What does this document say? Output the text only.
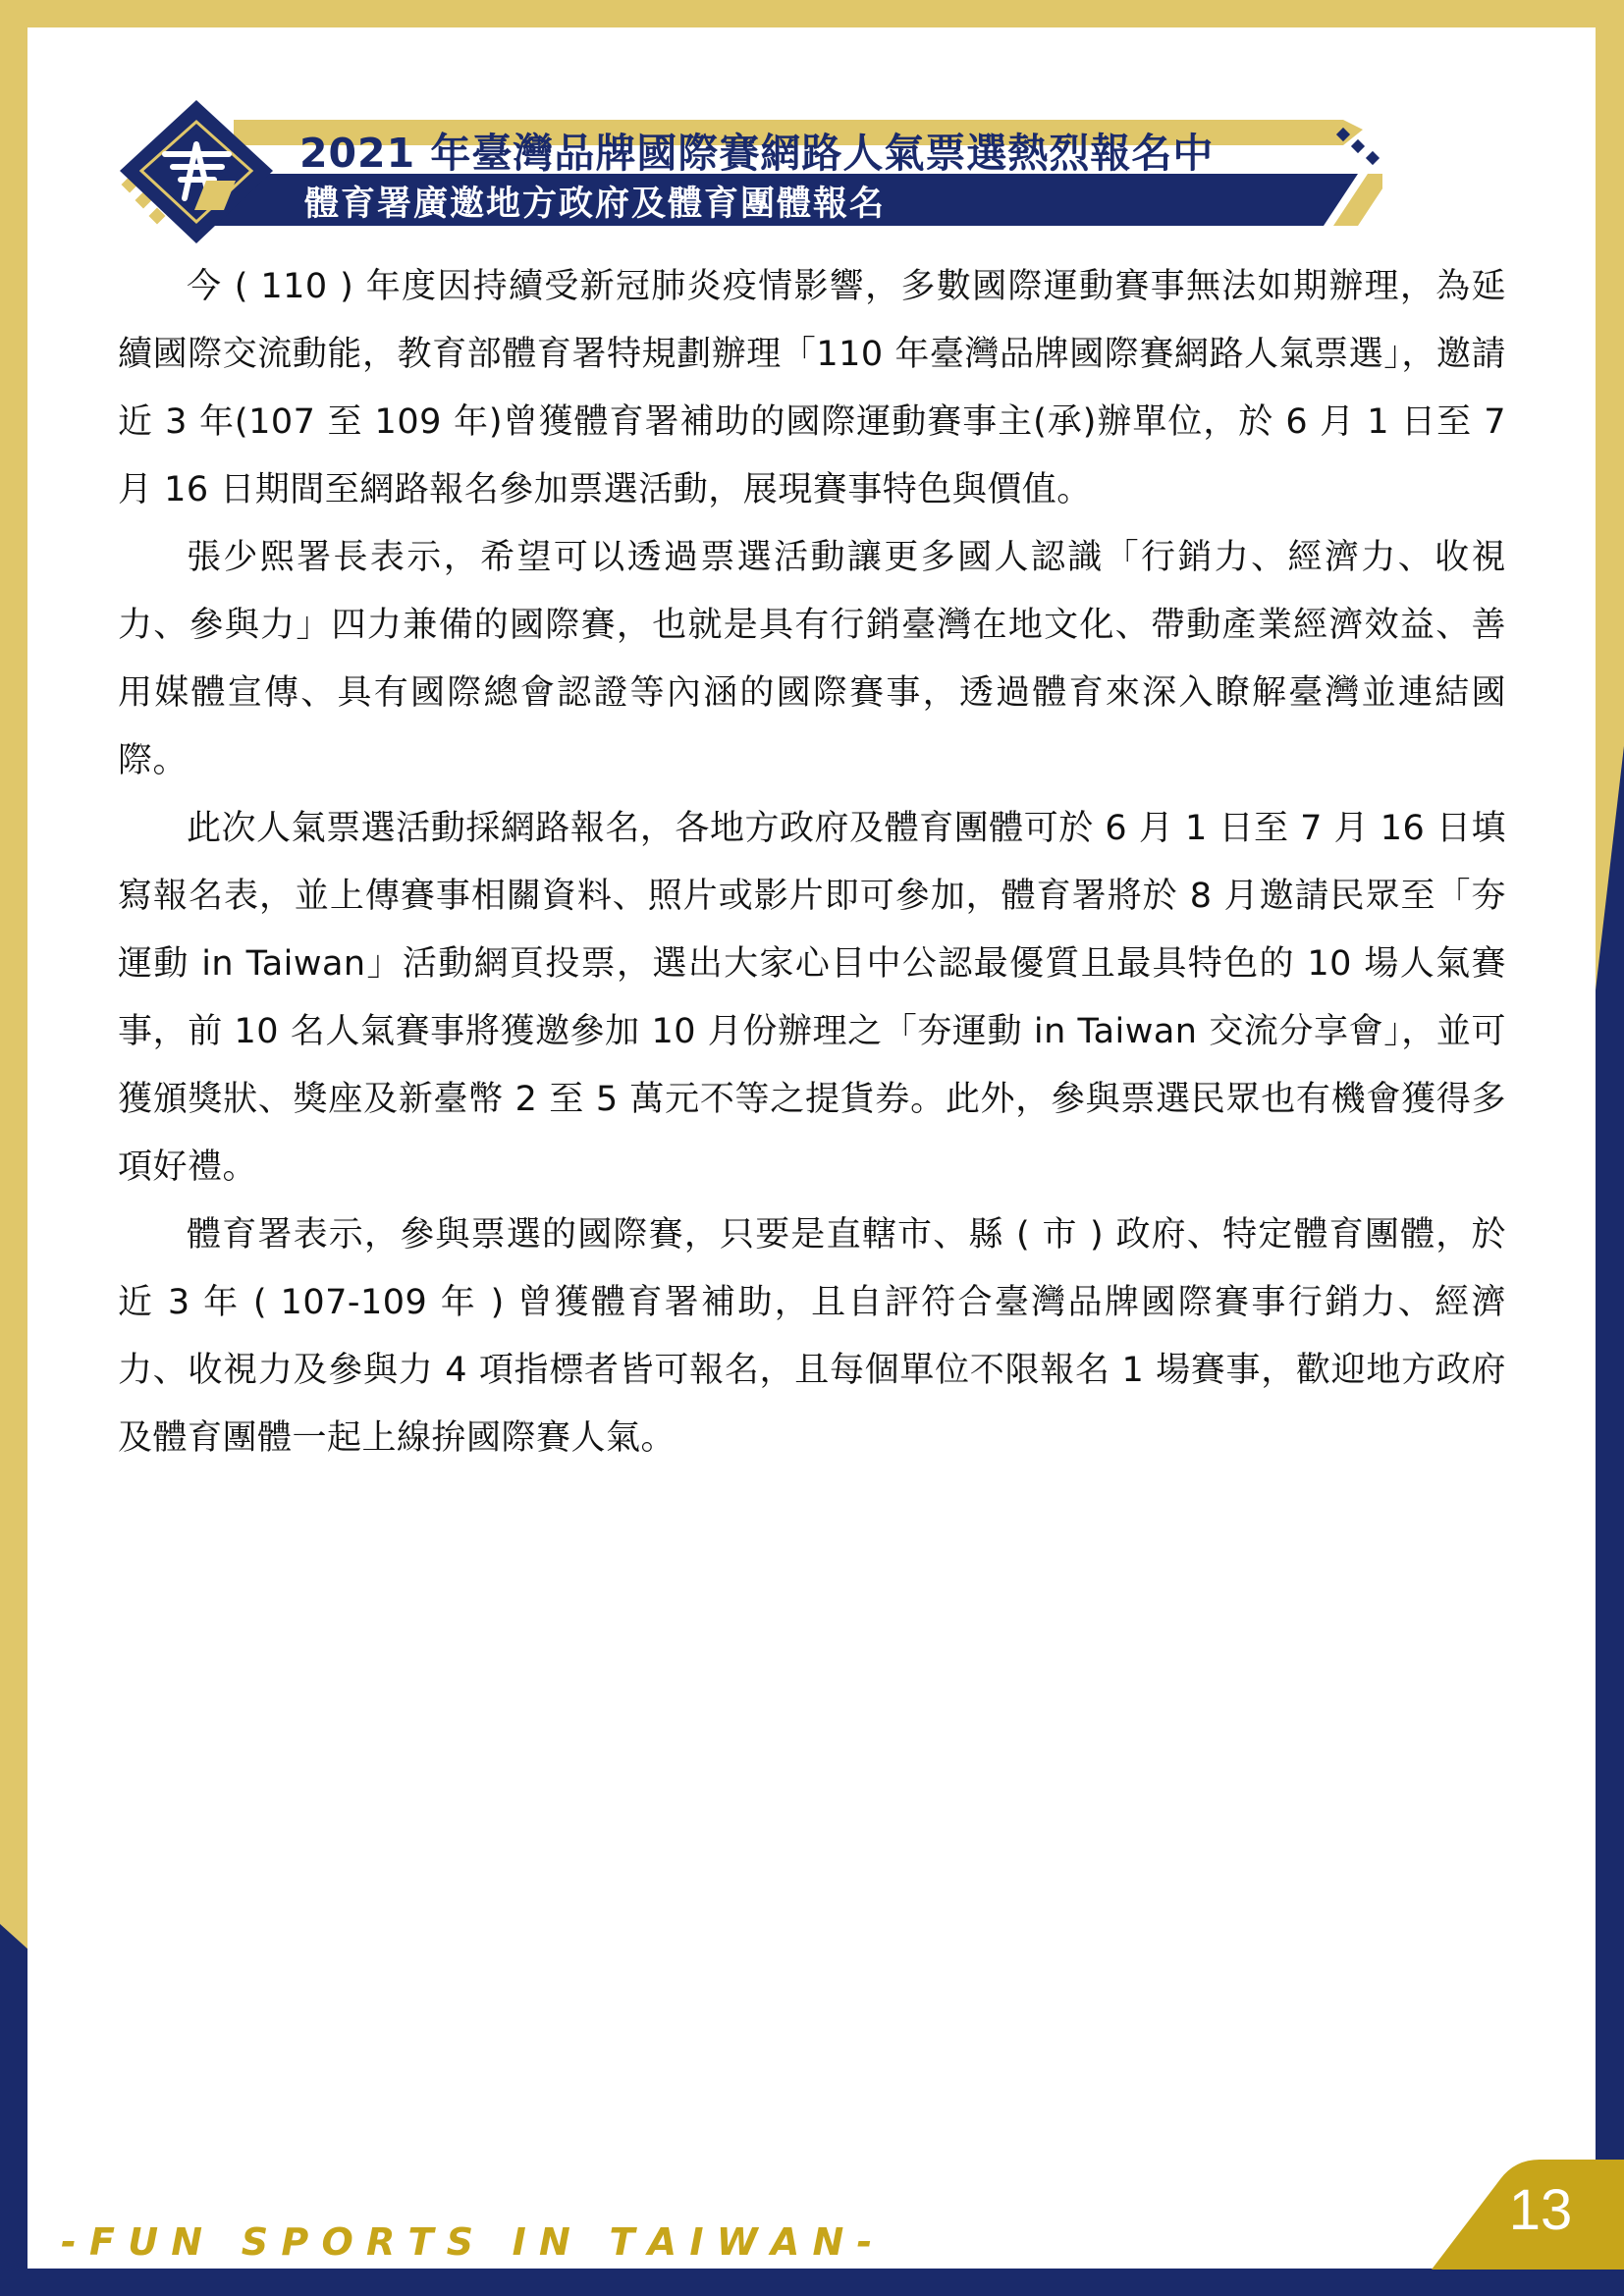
2021 年臺灣品牌國際賽網路人氣票選熱烈報名中
體育署廣邀地方政府及體育團體報名

今 ( 110 ) 年度因持續受新冠肺炎疫情影響，多數國際運動賽事無法如期辦理，為延續國際交流動能，教育部體育署特規劃辦理「110 年臺灣品牌國際賽網路人氣票選」，邀請近 3 年(107 至 109 年)曾獲體育署補助的國際運動賽事主(承)辦單位，於 6 月 1 日至 7 月 16 日期間至網路報名參加票選活動，展現賽事特色與價值。

張少熙署長表示，希望可以透過票選活動讓更多國人認識「行銷力、經濟力、收視力、參與力」四力兼備的國際賽，也就是具有行銷臺灣在地文化、帶動產業經濟效益、善用媒體宣傳、具有國際總會認證等內涵的國際賽事，透過體育來深入瞭解臺灣並連結國際。

此次人氣票選活動採網路報名，各地方政府及體育團體可於 6 月 1 日至 7 月 16 日填寫報名表，並上傳賽事相關資料、照片或影片即可參加，體育署將於 8 月邀請民眾至「夯運動 in Taiwan」活動網頁投票，選出大家心目中公認最優質且最具特色的 10 場人氣賽事，前 10 名人氣賽事將獲邀參加 10 月份辦理之「夯運動 in Taiwan 交流分享會」，並可獲頒獎狀、獎座及新臺幣 2 至 5 萬元不等之提貨券。此外，參與票選民眾也有機會獲得多項好禮。

體育署表示，參與票選的國際賽，只要是直轄市、縣 ( 市 ) 政府、特定體育團體，於近 3 年 ( 107-109 年 ) 曾獲體育署補助，且自評符合臺灣品牌國際賽事行銷力、經濟力、收視力及參與力 4 項指標者皆可報名，且每個單位不限報名 1 場賽事，歡迎地方政府及體育團體一起上線拚國際賽人氣。

- F U N   S P O R T S   I N   T A I W A N -	13
